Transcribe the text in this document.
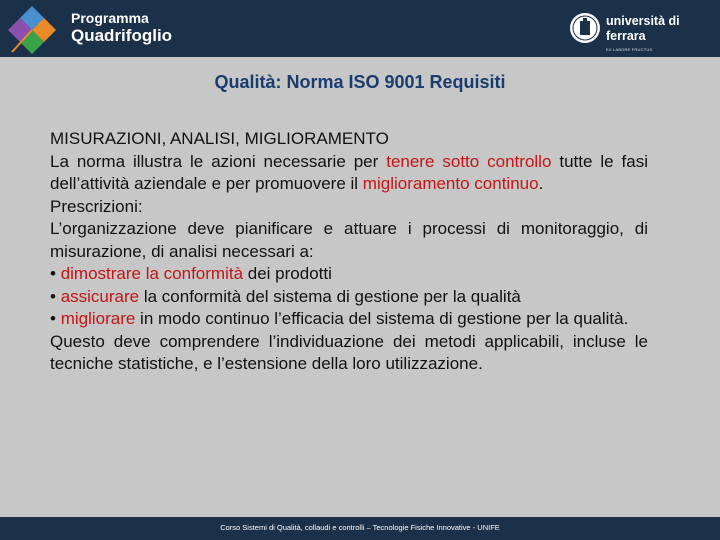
Programma
Quadrifoglio
università di ferrara
EX LABORE FRUCTUS
Qualità: Norma ISO 9001 Requisiti

MISURAZIONI, ANALISI, MIGLIORAMENTO

La norma illustra le azioni necessarie per tenere sotto controllo tutte le fasi dell’attività aziendale e per promuovere il miglioramento continuo.

Prescrizioni:

L’organizzazione deve pianificare e attuare i processi di monitoraggio, di misurazione, di analisi necessari a:

• dimostrare la conformità dei prodotti

• assicurare la conformità del sistema di gestione per la qualità

• migliorare in modo continuo l’efficacia del sistema di gestione per la qualità.

Questo deve comprendere l’individuazione dei metodi applicabili, incluse le tecniche statistiche, e l’estensione della loro utilizzazione.

Corso Sistemi di Qualità, collaudi e controlli – Tecnologie Fisiche Innovative - UNIFE
